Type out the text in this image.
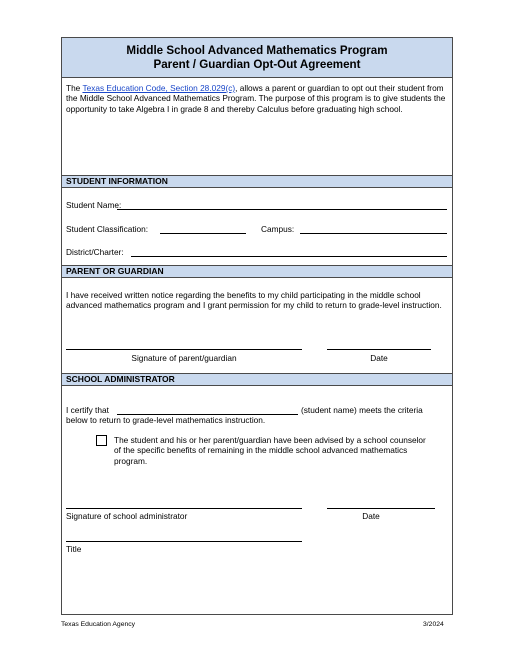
Middle School Advanced Mathematics Program
Parent / Guardian Opt-Out Agreement
The Texas Education Code, Section 28.029(c), allows a parent or guardian to opt out their student from the Middle School Advanced Mathematics Program. The purpose of this program is to give students the opportunity to take Algebra I in grade 8 and thereby Calculus before graduating high school.
STUDENT INFORMATION
Student Name:
Student Classification:	Campus:
District/Charter:
PARENT OR GUARDIAN
I have received written notice regarding the benefits to my child participating in the middle school advanced mathematics program and I grant permission for my child to return to grade-level instruction.
Signature of parent/guardian	Date
SCHOOL ADMINISTRATOR
I certify that	(student name) meets the criteria
below to return to grade-level mathematics instruction.
The student and his or her parent/guardian have been advised by a school counselor of the specific benefits of remaining in the middle school advanced mathematics program.
Signature of school administrator	Date
Title
Texas Education Agency	3/2024
